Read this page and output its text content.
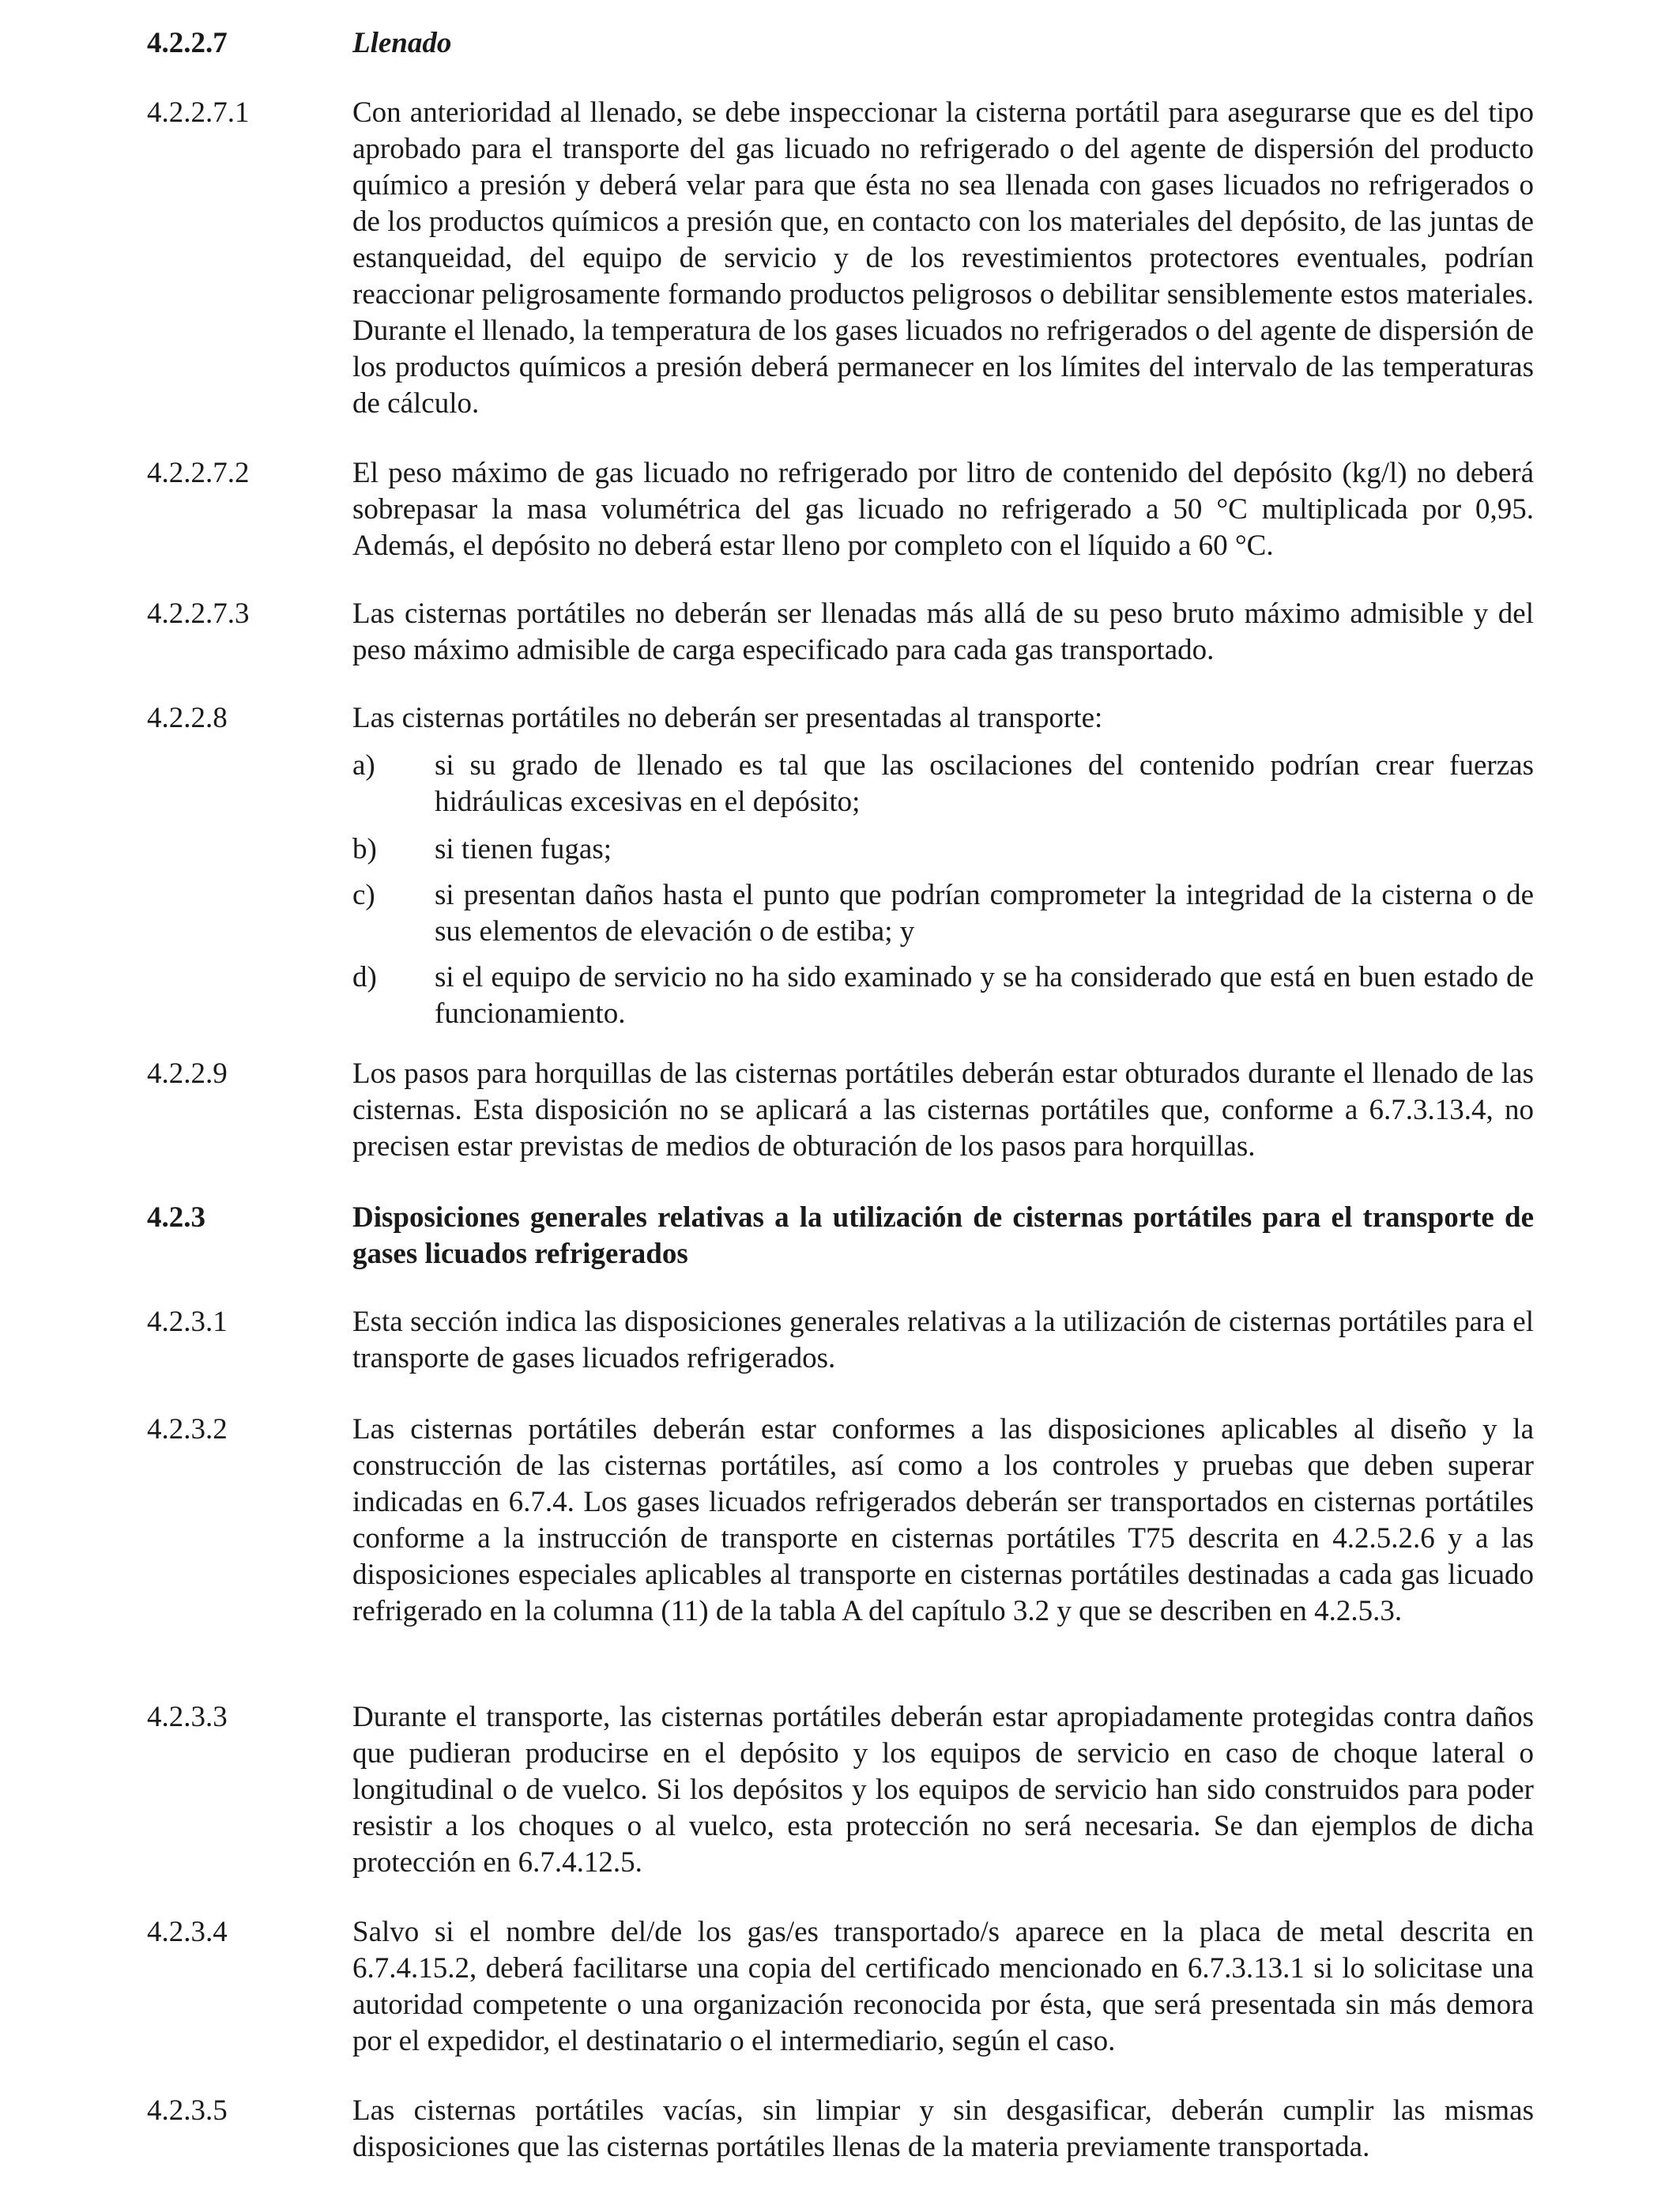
4.2.2.7	Llenado
4.2.2.7.1	Con anterioridad al llenado, se debe inspeccionar la cisterna portátil para asegurarse que es del tipo aprobado para el transporte del gas licuado no refrigerado o del agente de dispersión del producto químico a presión y deberá velar para que ésta no sea llenada con gases licuados no refrigerados o de los productos químicos a presión que, en contacto con los materiales del depósito, de las juntas de estanqueidad, del equipo de servicio y de los revestimientos protectores eventuales, podrían reaccionar peligrosamente formando productos peligrosos o debilitar sensiblemente estos materiales. Durante el llenado, la temperatura de los gases licuados no refrigerados o del agente de dispersión de los productos químicos a presión deberá permanecer en los límites del intervalo de las temperaturas de cálculo.
4.2.2.7.2	El peso máximo de gas licuado no refrigerado por litro de contenido del depósito (kg/l) no deberá sobrepasar la masa volumétrica del gas licuado no refrigerado a 50 °C multiplicada por 0,95. Además, el depósito no deberá estar lleno por completo con el líquido a 60 °C.
4.2.2.7.3	Las cisternas portátiles no deberán ser llenadas más allá de su peso bruto máximo admisible y del peso máximo admisible de carga especificado para cada gas transportado.
4.2.2.8	Las cisternas portátiles no deberán ser presentadas al transporte:
a)	si su grado de llenado es tal que las oscilaciones del contenido podrían crear fuerzas hidráulicas excesivas en el depósito;
b)	si tienen fugas;
c)	si presentan daños hasta el punto que podrían comprometer la integridad de la cisterna o de sus elementos de elevación o de estiba; y
d)	si el equipo de servicio no ha sido examinado y se ha considerado que está en buen estado de funcionamiento.
4.2.2.9	Los pasos para horquillas de las cisternas portátiles deberán estar obturados durante el llenado de las cisternas. Esta disposición no se aplicará a las cisternas portátiles que, conforme a 6.7.3.13.4, no precisen estar previstas de medios de obturación de los pasos para horquillas.
4.2.3	Disposiciones generales relativas a la utilización de cisternas portátiles para el transporte de gases licuados refrigerados
4.2.3.1	Esta sección indica las disposiciones generales relativas a la utilización de cisternas portátiles para el transporte de gases licuados refrigerados.
4.2.3.2	Las cisternas portátiles deberán estar conformes a las disposiciones aplicables al diseño y la construcción de las cisternas portátiles, así como a los controles y pruebas que deben superar indicadas en 6.7.4. Los gases licuados refrigerados deberán ser transportados en cisternas portátiles conforme a la instrucción de transporte en cisternas portátiles T75 descrita en 4.2.5.2.6 y a las disposiciones especiales aplicables al transporte en cisternas portátiles destinadas a cada gas licuado refrigerado en la columna (11) de la tabla A del capítulo 3.2 y que se describen en 4.2.5.3.
4.2.3.3	Durante el transporte, las cisternas portátiles deberán estar apropiadamente protegidas contra daños que pudieran producirse en el depósito y los equipos de servicio en caso de choque lateral o longitudinal o de vuelco. Si los depósitos y los equipos de servicio han sido construidos para poder resistir a los choques o al vuelco, esta protección no será necesaria. Se dan ejemplos de dicha protección en 6.7.4.12.5.
4.2.3.4	Salvo si el nombre del/de los gas/es transportado/s aparece en la placa de metal descrita en 6.7.4.15.2, deberá facilitarse una copia del certificado mencionado en 6.7.3.13.1 si lo solicitase una autoridad competente o una organización reconocida por ésta, que será presentada sin más demora por el expedidor, el destinatario o el intermediario, según el caso.
4.2.3.5	Las cisternas portátiles vacías, sin limpiar y sin desgasificar, deberán cumplir las mismas disposiciones que las cisternas portátiles llenas de la materia previamente transportada.
